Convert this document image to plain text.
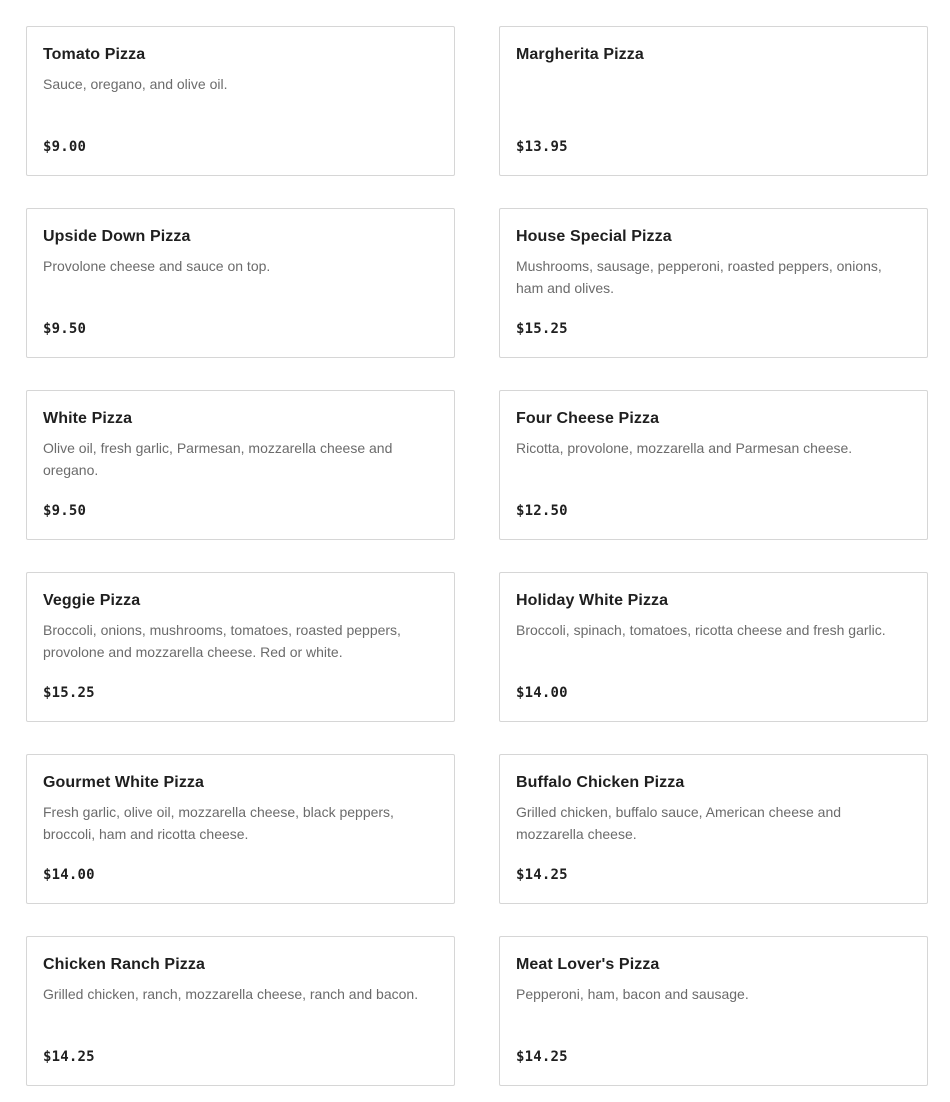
Tomato Pizza
Sauce, oregano, and olive oil.
$9.00
Margherita Pizza
$13.95
Upside Down Pizza
Provolone cheese and sauce on top.
$9.50
House Special Pizza
Mushrooms, sausage, pepperoni, roasted peppers, onions, ham and olives.
$15.25
White Pizza
Olive oil, fresh garlic, Parmesan, mozzarella cheese and oregano.
$9.50
Four Cheese Pizza
Ricotta, provolone, mozzarella and Parmesan cheese.
$12.50
Veggie Pizza
Broccoli, onions, mushrooms, tomatoes, roasted peppers, provolone and mozzarella cheese. Red or white.
$15.25
Holiday White Pizza
Broccoli, spinach, tomatoes, ricotta cheese and fresh garlic.
$14.00
Gourmet White Pizza
Fresh garlic, olive oil, mozzarella cheese, black peppers, broccoli, ham and ricotta cheese.
$14.00
Buffalo Chicken Pizza
Grilled chicken, buffalo sauce, American cheese and mozzarella cheese.
$14.25
Chicken Ranch Pizza
Grilled chicken, ranch, mozzarella cheese, ranch and bacon.
$14.25
Meat Lover's Pizza
Pepperoni, ham, bacon and sausage.
$14.25
